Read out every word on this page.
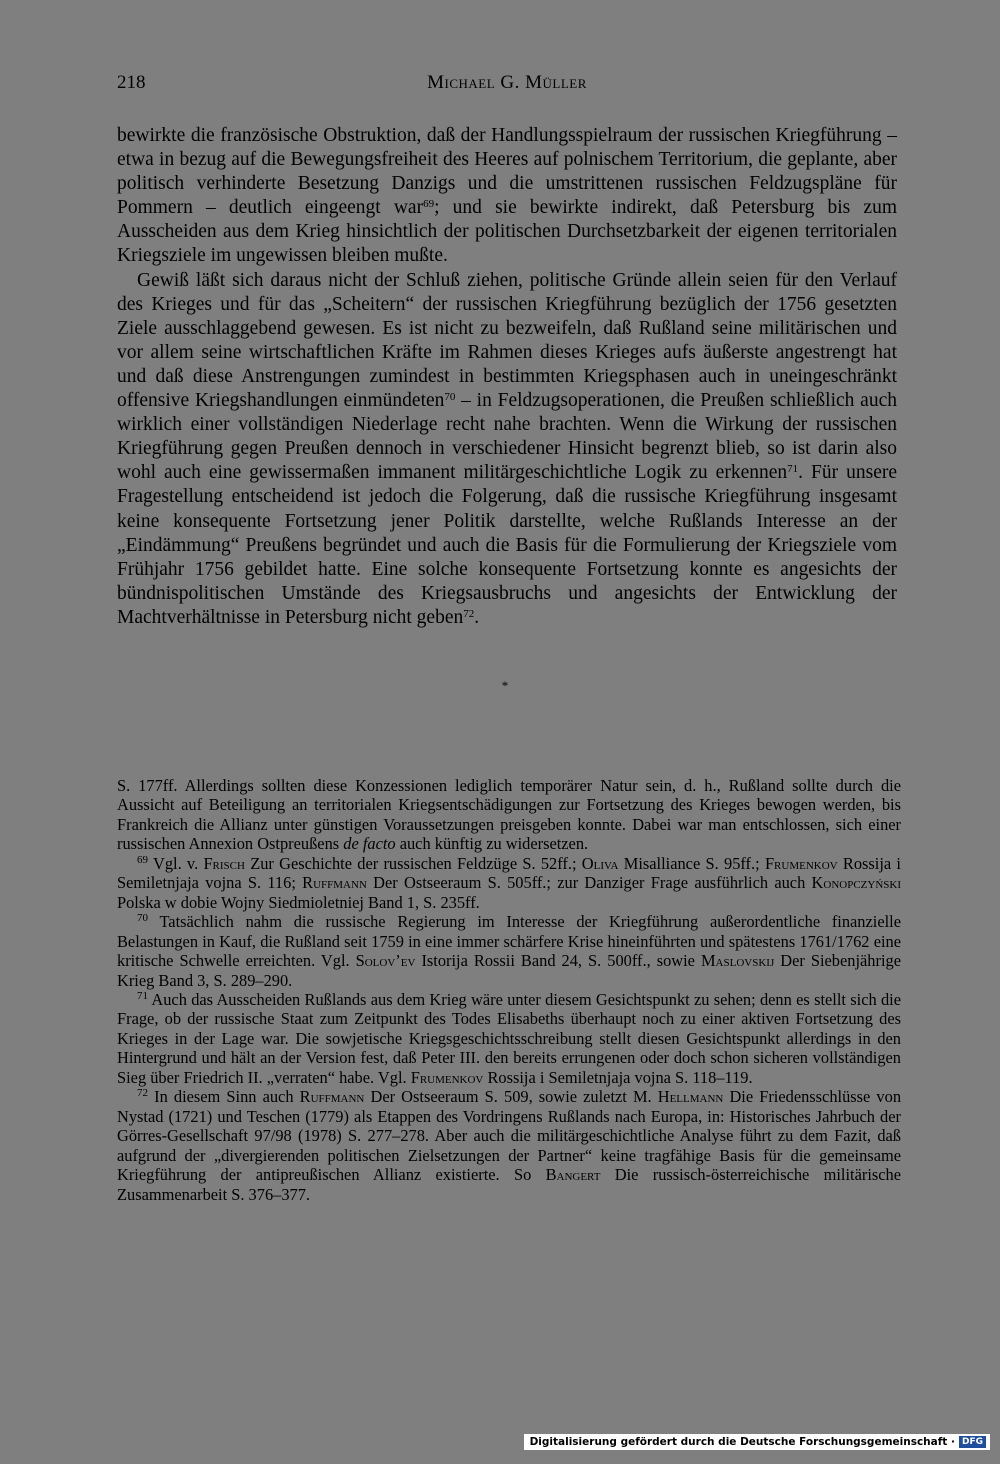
218	Michael G. Müller

bewirkte die französische Obstruktion, daß der Handlungsspielraum der russischen Kriegführung – etwa in bezug auf die Bewegungsfreiheit des Heeres auf polnischem Territorium, die geplante, aber politisch verhinderte Besetzung Danzigs und die umstrittenen russischen Feldzugspläne für Pommern – deutlich eingeengt war$^{69}$; und sie bewirkte indirekt, daß Petersburg bis zum Ausscheiden aus dem Krieg hinsichtlich der politischen Durchsetzbarkeit der eigenen territorialen Kriegsziele im ungewissen bleiben mußte.

Gewiß läßt sich daraus nicht der Schluß ziehen, politische Gründe allein seien für den Verlauf des Krieges und für das „Scheitern“ der russischen Kriegführung bezüglich der 1756 gesetzten Ziele ausschlaggebend gewesen. Es ist nicht zu bezweifeln, daß Rußland seine militärischen und vor allem seine wirtschaftlichen Kräfte im Rahmen dieses Krieges aufs äußerste angestrengt hat und daß diese Anstrengungen zumindest in bestimmten Kriegsphasen auch in uneingeschränkt offensive Kriegshandlungen einmündeten$^{70}$ – in Feldzugsoperationen, die Preußen schließlich auch wirklich einer vollständigen Niederlage recht nahe brachten. Wenn die Wirkung der russischen Kriegführung gegen Preußen dennoch in verschiedener Hinsicht begrenzt blieb, so ist darin also wohl auch eine gewissermaßen immanent militärgeschichtliche Logik zu erkennen$^{71}$. Für unsere Fragestellung entscheidend ist jedoch die Folgerung, daß die russische Kriegführung insgesamt keine konsequente Fortsetzung jener Politik darstellte, welche Rußlands Interesse an der „Eindämmung“ Preußens begründet und auch die Basis für die Formulierung der Kriegsziele vom Frühjahr 1756 gebildet hatte. Eine solche konsequente Fortsetzung konnte es angesichts der bündnispolitischen Umstände des Kriegsausbruchs und angesichts der Entwicklung der Machtverhältnisse in Petersburg nicht geben$^{72}$.

*

S. 177ff. Allerdings sollten diese Konzessionen lediglich temporärer Natur sein, d. h., Rußland sollte durch die Aussicht auf Beteiligung an territorialen Kriegsentschädigungen zur Fortsetzung des Krieges bewogen werden, bis Frankreich die Allianz unter günstigen Voraussetzungen preisgeben konnte. Dabei war man entschlossen, sich einer russischen Annexion Ostpreußens de facto auch künftig zu widersetzen.

$^{69}$ Vgl. v. Frisch Zur Geschichte der russischen Feldzüge S. 52ff.; Oliva Misalliance S. 95ff.; Frumenkov Rossija i Semiletnjaja vojna S. 116; Ruffmann Der Ostseeraum S. 505ff.; zur Danziger Frage ausführlich auch Konopczyński Polska w dobie Wojny Siedmioletniej Band 1, S. 235ff.

$^{70}$ Tatsächlich nahm die russische Regierung im Interesse der Kriegführung außerordentliche finanzielle Belastungen in Kauf, die Rußland seit 1759 in eine immer schärfere Krise hineinführten und spätestens 1761/1762 eine kritische Schwelle erreichten. Vgl. Solov’ev Istorija Rossii Band 24, S. 500ff., sowie Maslovskij Der Siebenjährige Krieg Band 3, S. 289–290.

$^{71}$ Auch das Ausscheiden Rußlands aus dem Krieg wäre unter diesem Gesichtspunkt zu sehen; denn es stellt sich die Frage, ob der russische Staat zum Zeitpunkt des Todes Elisabeths überhaupt noch zu einer aktiven Fortsetzung des Krieges in der Lage war. Die sowjetische Kriegsgeschichtsschreibung stellt diesen Gesichtspunkt allerdings in den Hintergrund und hält an der Version fest, daß Peter III. den bereits errungenen oder doch schon sicheren vollständigen Sieg über Friedrich II. „verraten“ habe. Vgl. Frumenkov Rossija i Semiletnjaja vojna S. 118–119.

$^{72}$ In diesem Sinn auch Ruffmann Der Ostseeraum S. 509, sowie zuletzt M. Hellmann Die Friedensschlüsse von Nystad (1721) und Teschen (1779) als Etappen des Vordringens Rußlands nach Europa, in: Historisches Jahrbuch der Görres-Gesellschaft 97/98 (1978) S. 277–278. Aber auch die militärgeschichtliche Analyse führt zu dem Fazit, daß aufgrund der „divergierenden politischen Zielsetzungen der Partner“ keine tragfähige Basis für die gemeinsame Kriegführung der antipreußischen Allianz existierte. So Bangert Die russisch-österreichische militärische Zusammenarbeit S. 376–377.

Digitalisierung gefördert durch die Deutsche Forschungsgemeinschaft · DFG
